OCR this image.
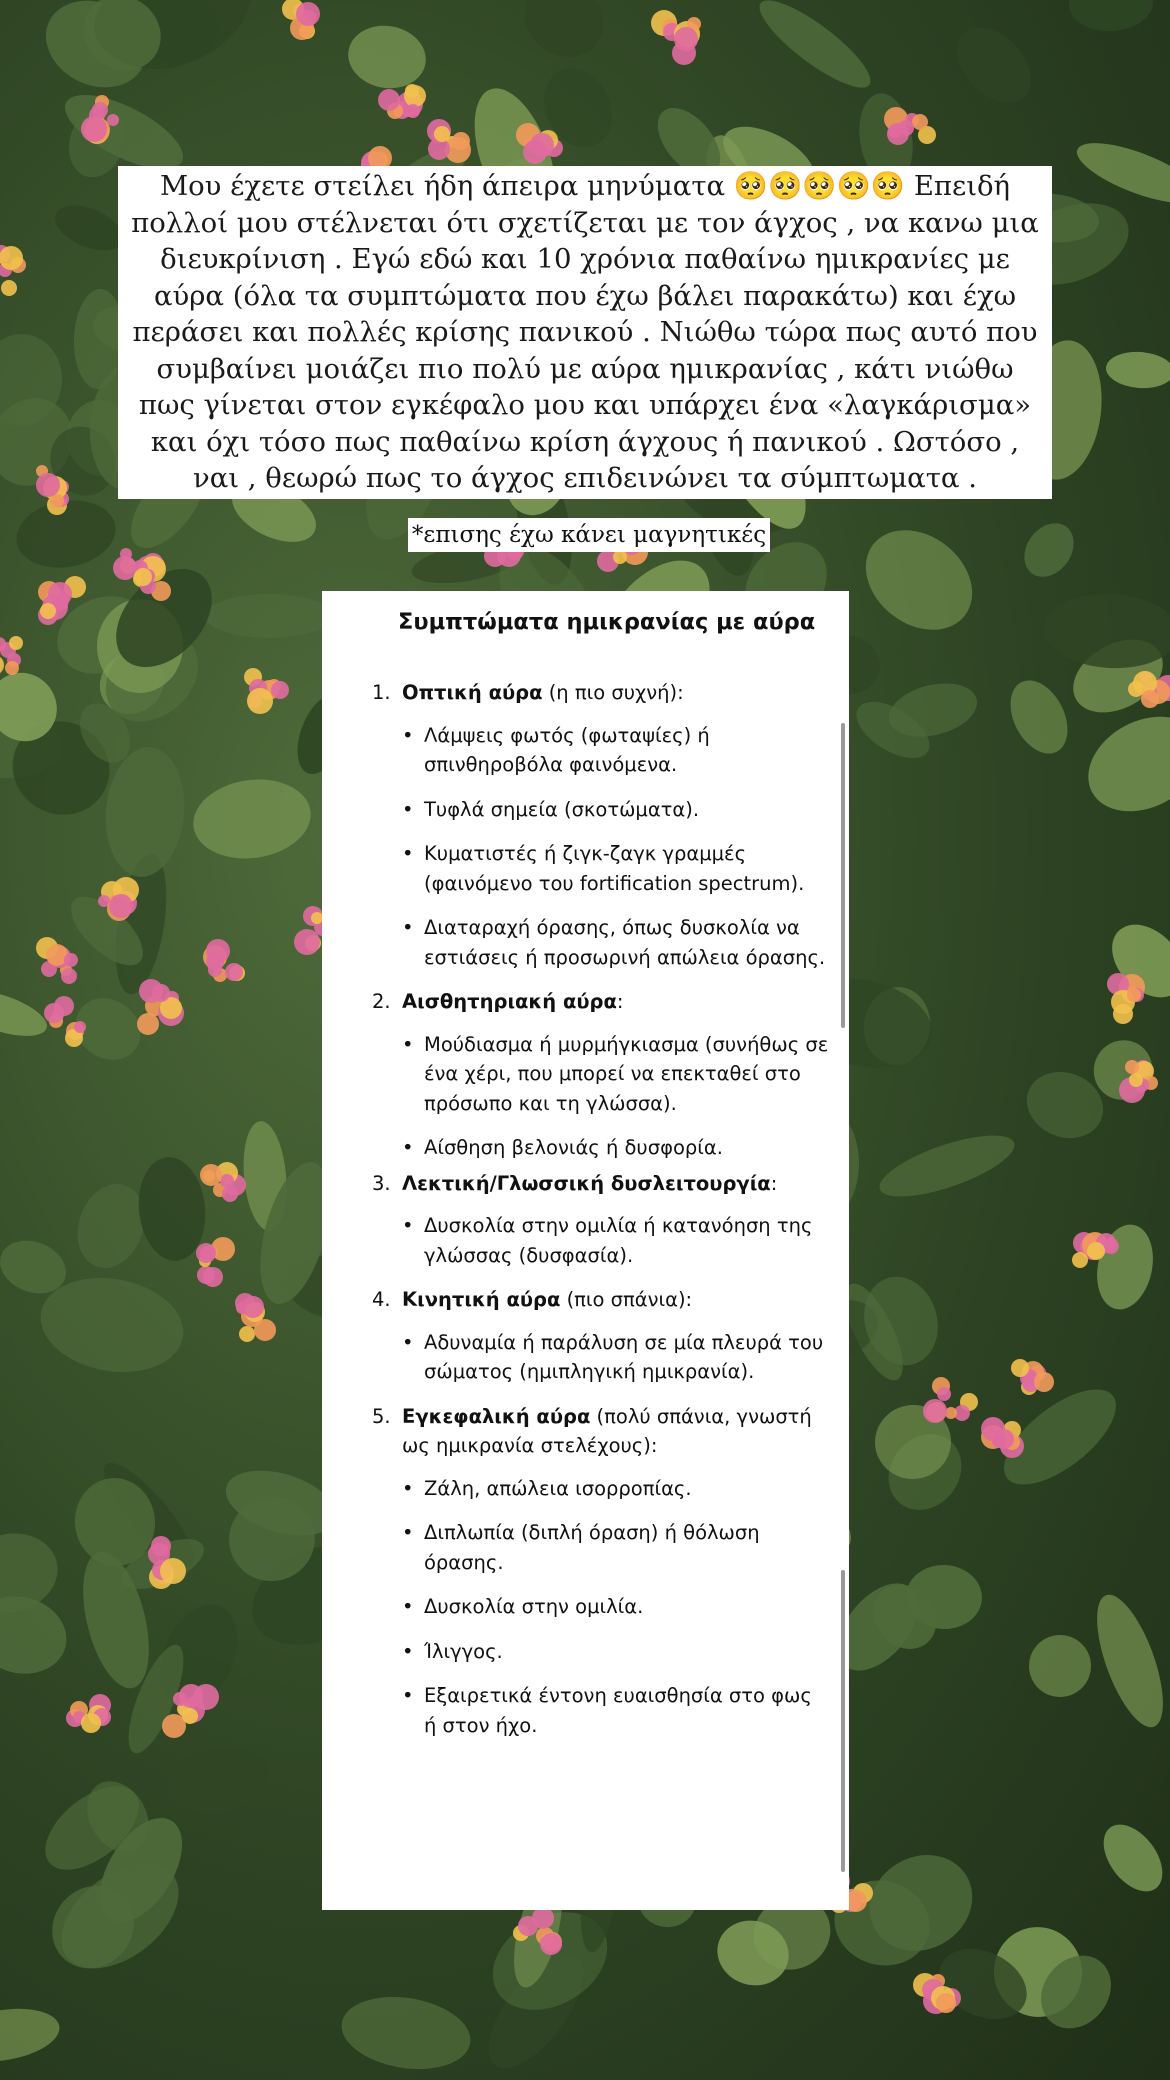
Μου έχετε στείλει ήδη άπειρα μηνύματα 🥺🥺🥺🥺🥺 Επειδή πολλοί μου στέλνεται ότι σχετίζεται με τον άγχος , να κανω μια διευκρίνιση . Εγώ εδώ και 10 χρόνια παθαίνω ημικρανίες με αύρα (όλα τα συμπτώματα που έχω βάλει παρακάτω) και έχω περάσει και πολλές κρίσης πανικού . Νιώθω τώρα πως αυτό που συμβαίνει μοιάζει πιο πολύ με αύρα ημικρανίας , κάτι νιώθω πως γίνεται στον εγκέφαλο μου και υπάρχει ένα «λαγκάρισμα» και όχι τόσο πως παθαίνω κρίση άγχους ή πανικού . Ωστόσο , ναι , θεωρώ πως το άγχος επιδεινώνει τα σύμπτωματα .

*επισης έχω κάνει μαγνητικές
Συμπτώματα ημικρανίας με αύρα
1. Οπτική αύρα (η πιο συχνή):
• Λάμψεις φωτός (φωταψίες) ή σπινθηροβόλα φαινόμενα.
• Τυφλά σημεία (σκοτώματα).
• Κυματιστές ή ζιγκ-ζαγκ γραμμές (φαινόμενο του fortification spectrum).
• Διαταραχή όρασης, όπως δυσκολία να εστιάσεις ή προσωρινή απώλεια όρασης.
2. Αισθητηριακή αύρα:
• Μούδιασμα ή μυρμήγκιασμα (συνήθως σε ένα χέρι, που μπορεί να επεκταθεί στο πρόσωπο και τη γλώσσα).
• Αίσθηση βελονιάς ή δυσφορία.
3. Λεκτική/Γλωσσική δυσλειτουργία:
• Δυσκολία στην ομιλία ή κατανόηση της γλώσσας (δυσφασία).
4. Κινητική αύρα (πιο σπάνια):
• Αδυναμία ή παράλυση σε μία πλευρά του σώματος (ημιπληγική ημικρανία).
5. Εγκεφαλική αύρα (πολύ σπάνια, γνωστή ως ημικρανία στελέχους):
• Ζάλη, απώλεια ισορροπίας.
• Διπλωπία (διπλή όραση) ή θόλωση όρασης.
• Δυσκολία στην ομιλία.
• Ίλιγγος.
• Εξαιρετικά έντονη ευαισθησία στο φως ή στον ήχο.
